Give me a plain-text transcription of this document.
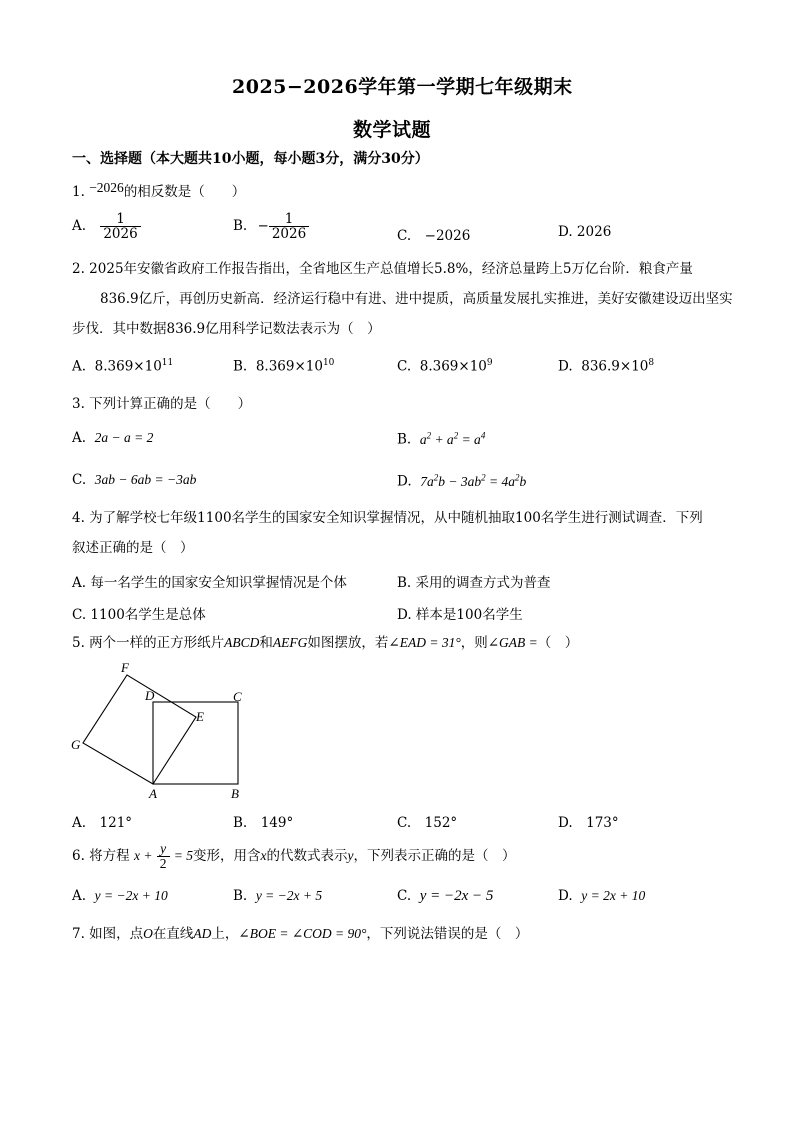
2025−2026学年第一学期七年级期末
数学试题
一、选择题（本大题共10小题，每小题3分，满分30分）
1. −2026的相反数是（　　）
A. $\frac{1}{2026}$	B. − $\frac{1}{2026}$	C.　−2026	D. 2026
2. 2025年安徽省政府工作报告指出，全省地区生产总值增长5.8%，经济总量跨上5万亿台阶．粮食产量
836.9亿斤，再创历史新高．经济运行稳中有进、进中提质，高质量发展扎实推进，美好安徽建设迈出坚实
步伐．其中数据836.9亿用科学记数法表示为（　）
A. $8.369\times 10^{11}$	B. $8.369\times 10^{10}$	C. $8.369\times 10^9$	D. $836.9\times 10^8$
3. 下列计算正确的是（　　）
A. 2a − a = 2	B. $a^2 + a^2 = a^4$
C. 3ab − 6ab = −3ab	D. $7a^2b - 3ab^2 = 4a^2b$
4. 为了解学校七年级1100名学生的国家安全知识掌握情况，从中随机抽取100名学生进行测试调查．下列
叙述正确的是（　）
A. 每一名学生的国家安全知识掌握情况是个体	B. 采用的调查方式为普查
C. 1100名学生是总体	D. 样本是100名学生
5. 两个一样的正方形纸片ABCD和AEFG如图摆放，若∠EAD = 31°，则∠GAB =（　）
F
D	C
E
G
A	B
A.　121°	B.　149°	C.　152°	D.　173°
6. 将方程 $x + \frac{y}{2} = 5$变形，用含x的代数式表示y，下列表示正确的是（　）
A. y = −2x + 10	B. y = −2x + 5	C. y = −2x − 5	D. y = 2x + 10
7. 如图，点O在直线AD上，∠BOE = ∠COD = 90°，下列说法错误的是（　）
